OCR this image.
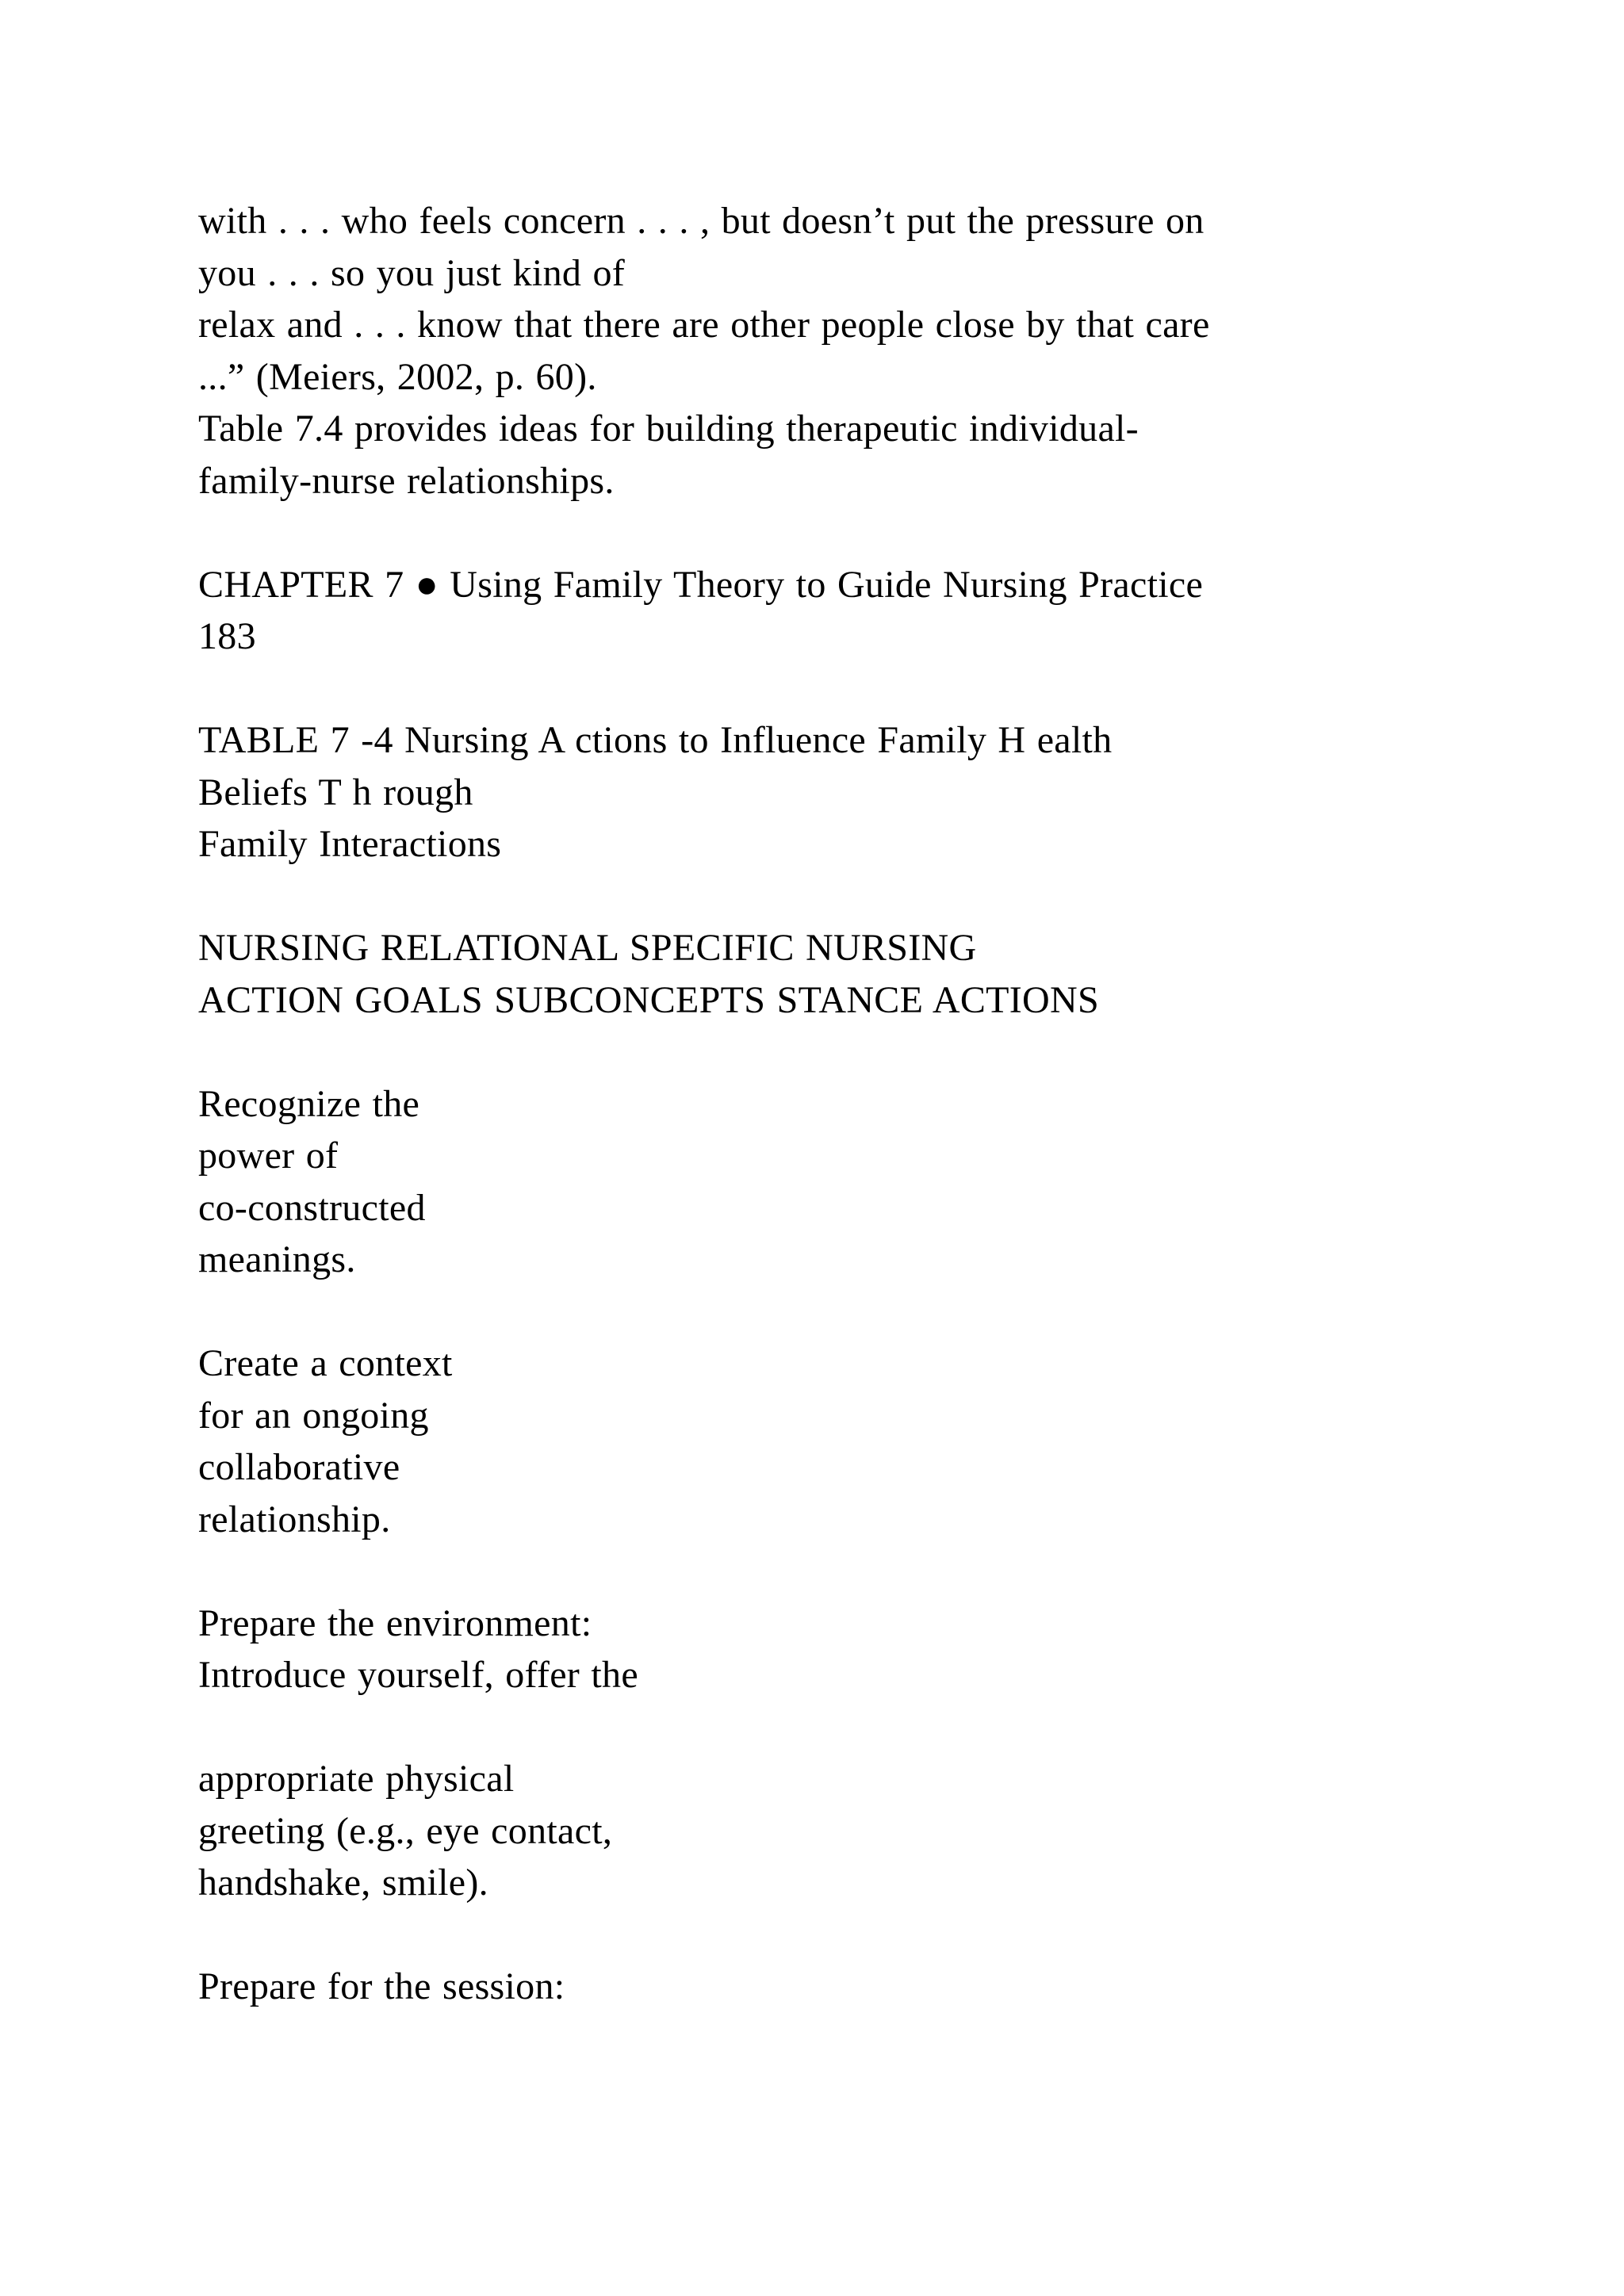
with . . . who feels concern . . . , but doesn’t put the pressure on
you . . . so you just kind of
relax and . . . know that there are other people close by that care
...” (Meiers, 2002, p. 60).
Table 7.4 provides ideas for building therapeutic individual-
family-nurse relationships.
CHAPTER 7 ● Using Family Theory to Guide Nursing Practice
183
TABLE 7 -4 Nursing A ctions to Influence Family H ealth
Beliefs T h rough
Family Interactions
NURSING RELATIONAL SPECIFIC NURSING
ACTION GOALS SUBCONCEPTS STANCE ACTIONS
Recognize the
power of
co-constructed
meanings.
Create a context
for an ongoing
collaborative
relationship.
Prepare the environment:
Introduce yourself, offer the
appropriate physical
greeting (e.g., eye contact,
handshake, smile).
Prepare for the session:
